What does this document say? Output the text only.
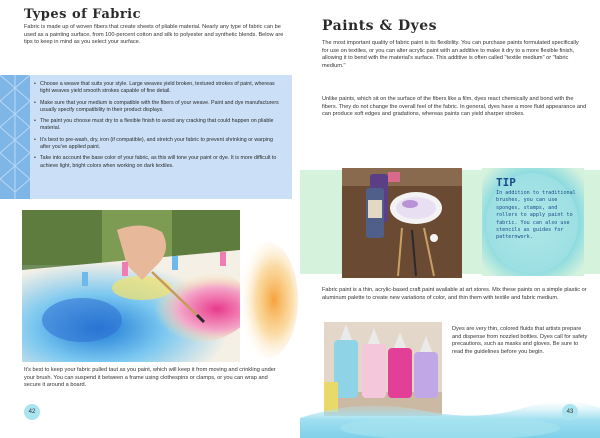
Types of Fabric

Fabric is made up of woven fibers that create sheets of pliable material. Nearly any type of fabric can be used as a painting surface, from 100-percent cotton and silk to polyester and synthetic blends. Below are tips to keep in mind as you select your surface.

• Choose a weave that suits your style. Large weaves yield broken, textured strokes of paint, whereas tight weaves yield smooth strokes capable of fine detail.
• Make sure that your medium is compatible with the fibers of your weave. Paint and dye manufacturers usually specify compatibility in their product displays.
• The paint you choose must dry to a flexible finish to avoid any cracking that could happen on pliable material.
• It's best to pre-wash, dry, iron (if compatible), and stretch your fabric to prevent shrinking or warping after you've applied paint.
• Take into account the base color of your fabric, as this will tone your paint or dye. It is more difficult to achieve light, bright colors when working on dark textiles.

It's best to keep your fabric pulled taut as you paint, which will keep it from moving and crinkling under your brush. You can suspend it between a frame using clothespins or clamps, or you can wrap and secure it around a board.

42
Paints & Dyes

The most important quality of fabric paint is its flexibility. You can purchase paints formulated specifically for use on textiles, or you can alter acrylic paint with an additive to make it dry to a more flexible finish, allowing it to bend with the material's surface. This additive is often called "textile medium" or "fabric medium."

Unlike paints, which sit on the surface of the fibers like a film, dyes react chemically and bond with the fibers. They do not change the overall feel of the fabric. In general, dyes have a more fluid appearance and can produce soft edges and gradations, whereas paints can yield sharper strokes.

TIP

In addition to traditional brushes, you can use sponges, stamps, and rollers to apply paint to fabric. You can also use stencils as guides for patternwork.

Fabric paint is a thin, acrylic-based craft paint available at art stores. Mix these paints on a simple plastic or aluminum palette to create new variations of color, and thin them with textile and fabric medium.

Dyes are very thin, colored fluids that artists prepare and dispense from nozzled bottles. Dyes call for safety precautions, such as masks and gloves. Be sure to read the guidelines before you begin.

43
